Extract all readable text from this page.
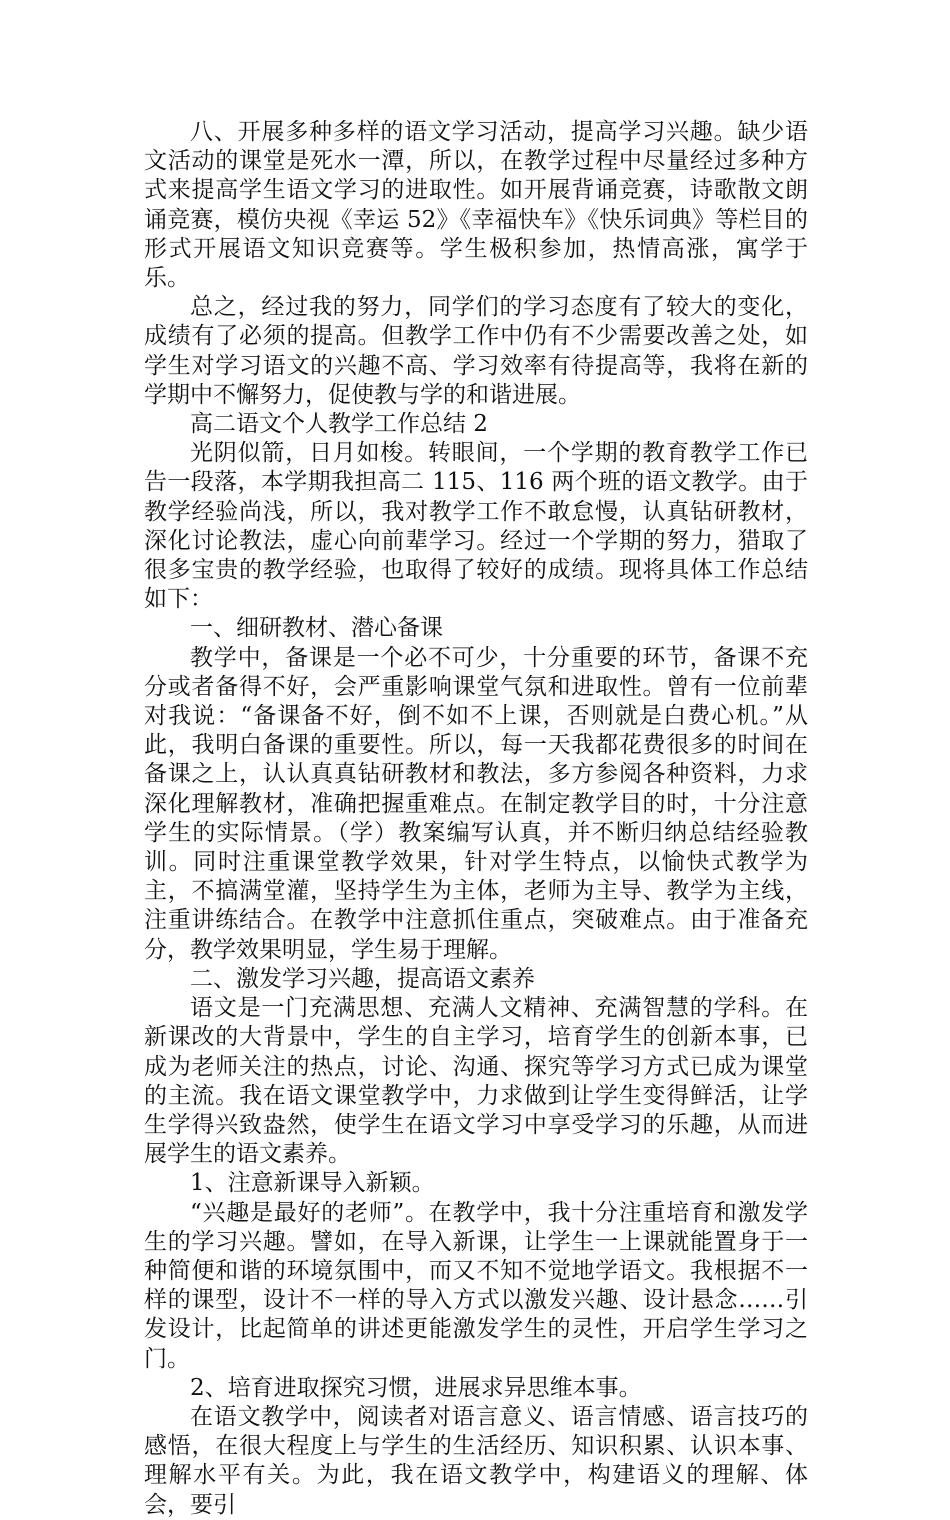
八、开展多种多样的语文学习活动，提高学习兴趣。缺少语文活动的课堂是死水一潭，所以，在教学过程中尽量经过多种方式来提高学生语文学习的进取性。如开展背诵竞赛，诗歌散文朗诵竞赛，模仿央视《幸运 52》《幸福快车》《快乐词典》等栏目的形式开展语文知识竞赛等。学生极积参加，热情高涨，寓学于乐。

总之，经过我的努力，同学们的学习态度有了较大的变化，成绩有了必须的提高。但教学工作中仍有不少需要改善之处，如学生对学习语文的兴趣不高、学习效率有待提高等，我将在新的学期中不懈努力，促使教与学的和谐进展。

高二语文个人教学工作总结 2

光阴似箭，日月如梭。转眼间，一个学期的教育教学工作已告一段落，本学期我担高二 115、116 两个班的语文教学。由于教学经验尚浅，所以，我对教学工作不敢怠慢，认真钻研教材，深化讨论教法，虚心向前辈学习。经过一个学期的努力，猎取了很多宝贵的教学经验，也取得了较好的成绩。现将具体工作总结如下：

一、细研教材、潜心备课

教学中，备课是一个必不可少，十分重要的环节，备课不充分或者备得不好，会严重影响课堂气氛和进取性。曾有一位前辈对我说：“备课备不好，倒不如不上课，否则就是白费心机。”从此，我明白备课的重要性。所以，每一天我都花费很多的时间在备课之上，认认真真钻研教材和教法，多方参阅各种资料，力求深化理解教材，准确把握重难点。在制定教学目的时，十分注意学生的实际情景。（学）教案编写认真，并不断归纳总结经验教训。同时注重课堂教学效果，针对学生特点，以愉快式教学为主，不搞满堂灌，坚持学生为主体，老师为主导、教学为主线，注重讲练结合。在教学中注意抓住重点，突破难点。由于准备充分，教学效果明显，学生易于理解。

二、激发学习兴趣，提高语文素养

语文是一门充满思想、充满人文精神、充满智慧的学科。在新课改的大背景中，学生的自主学习，培育学生的创新本事，已成为老师关注的热点，讨论、沟通、探究等学习方式已成为课堂的主流。我在语文课堂教学中，力求做到让学生变得鲜活，让学生学得兴致盎然，使学生在语文学习中享受学习的乐趣，从而进展学生的语文素养。

1、注意新课导入新颖。

“兴趣是最好的老师”。在教学中，我十分注重培育和激发学生的学习兴趣。譬如，在导入新课，让学生一上课就能置身于一种简便和谐的环境氛围中，而又不知不觉地学语文。我根据不一样的课型，设计不一样的导入方式以激发兴趣、设计悬念……引发设计，比起简单的讲述更能激发学生的灵性，开启学生学习之门。

2、培育进取探究习惯，进展求异思维本事。

在语文教学中，阅读者对语言意义、语言情感、语言技巧的感悟，在很大程度上与学生的生活经历、知识积累、认识本事、理解水平有关。为此，我在语文教学中，构建语义的理解、体会，要引
